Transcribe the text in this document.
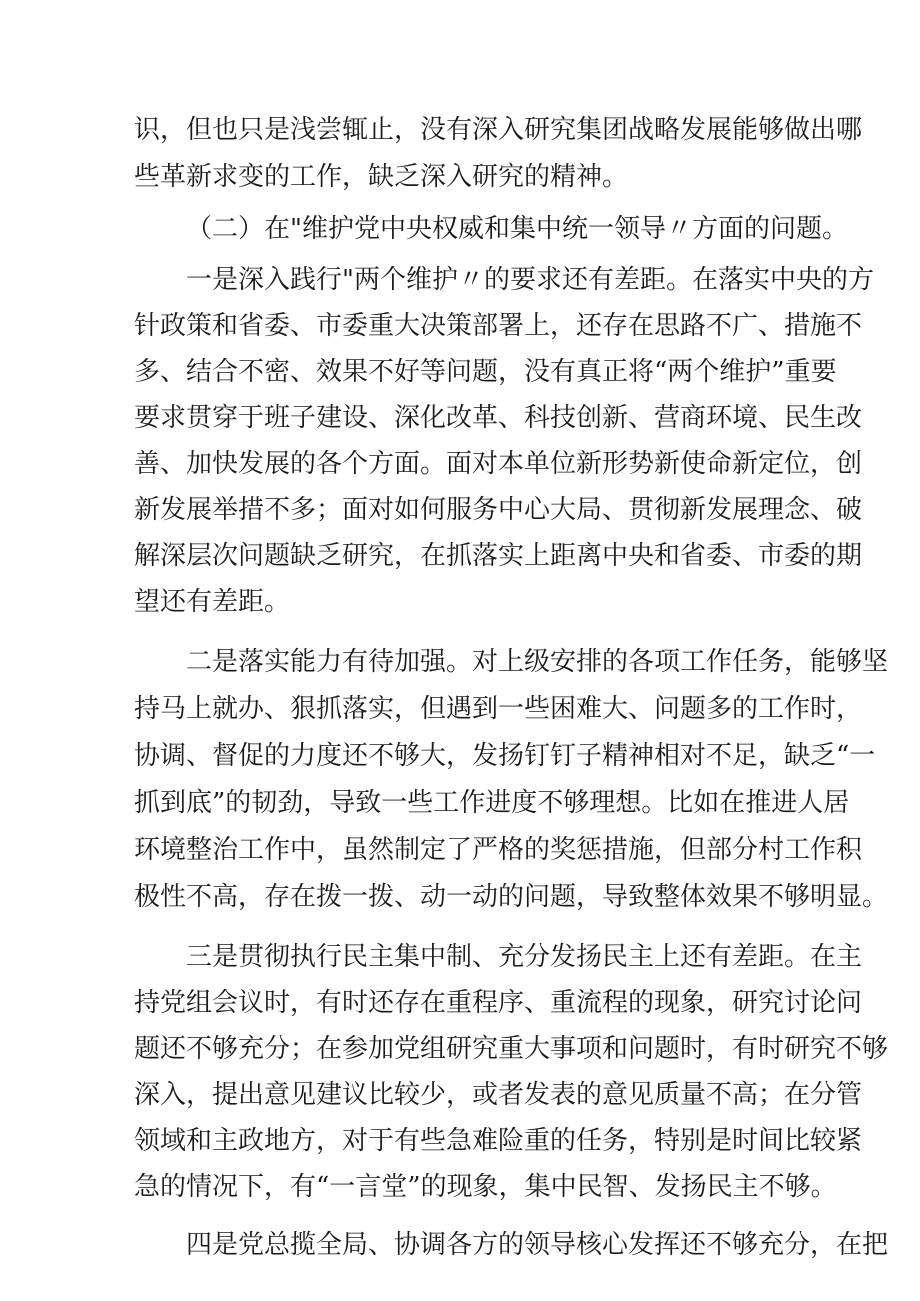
识，但也只是浅尝辄止，没有深入研究集团战略发展能够做出哪
些革新求变的工作，缺乏深入研究的精神。
（二）在"维护党中央权威和集中统一领导〃方面的问题。
一是深入践行"两个维护〃的要求还有差距。在落实中央的方
针政策和省委、市委重大决策部署上，还存在思路不广、措施不
多、结合不密、效果不好等问题，没有真正将“两个维护”重要
要求贯穿于班子建设、深化改革、科技创新、营商环境、民生改
善、加快发展的各个方面。面对本单位新形势新使命新定位，创
新发展举措不多；面对如何服务中心大局、贯彻新发展理念、破
解深层次问题缺乏研究，在抓落实上距离中央和省委、市委的期
望还有差距。
二是落实能力有待加强。对上级安排的各项工作任务，能够坚
持马上就办、狠抓落实，但遇到一些困难大、问题多的工作时，
协调、督促的力度还不够大，发扬钉钉子精神相对不足，缺乏“一
抓到底”的韧劲，导致一些工作进度不够理想。比如在推进人居
环境整治工作中，虽然制定了严格的奖惩措施，但部分村工作积
极性不高，存在拨一拨、动一动的问题，导致整体效果不够明显。
三是贯彻执行民主集中制、充分发扬民主上还有差距。在主
持党组会议时，有时还存在重程序、重流程的现象，研究讨论问
题还不够充分；在参加党组研究重大事项和问题时，有时研究不够
深入，提出意见建议比较少，或者发表的意见质量不高；在分管
领域和主政地方，对于有些急难险重的任务，特别是时间比较紧
急的情况下，有“一言堂”的现象，集中民智、发扬民主不够。
四是党总揽全局、协调各方的领导核心发挥还不够充分，在把
